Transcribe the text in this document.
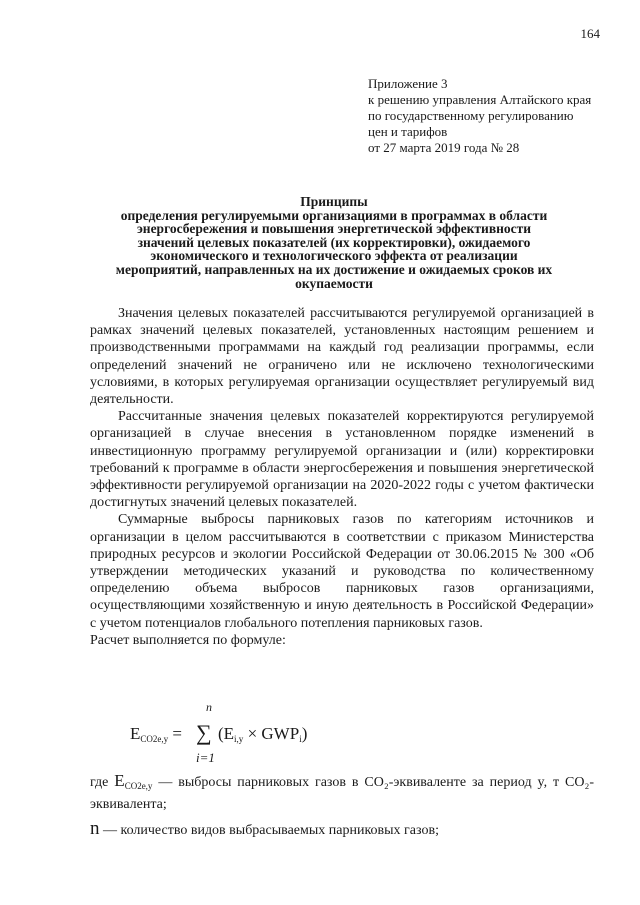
164
Приложение 3
к решению управления Алтайского края
по государственному регулированию
цен и тарифов
от 27 марта 2019 года № 28
Принципы
определения регулируемыми организациями в программах в области
энергосбережения и повышения энергетической эффективности
значений целевых показателей (их корректировки), ожидаемого
экономического и технологического эффекта от реализации
мероприятий, направленных на их достижение и ожидаемых сроков их
окупаемости

Значения целевых показателей рассчитываются регулируемой организацией в рамках значений целевых показателей, установленных настоящим решением и производственными программами на каждый год реализации программы, если определений значений не ограничено или не исключено технологическими условиями, в которых регулируемая организации осуществляет регулируемый вид деятельности.

Рассчитанные значения целевых показателей корректируются регулируемой организацией в случае внесения в установленном порядке изменений в инвестиционную программу регулируемой организации и (или) корректировки требований к программе в области энергосбережения и повышения энергетической эффективности регулируемой организации на 2020-2022 годы с учетом фактически достигнутых значений целевых показателей.

Суммарные выбросы парниковых газов по категориям источников и организации в целом рассчитываются в соответствии с приказом Министерства природных ресурсов и экологии Российской Федерации от 30.06.2015 № 300 «Об утверждении методических указаний и руководства по количественному определению объема выбросов парниковых газов организациями, осуществляющими хозяйственную и иную деятельность в Российской Федерации» с учетом потенциалов глобального потепления парниковых газов.

Расчет выполняется по формуле:

$E_{CO2e,y}$ =
n
∑
i=1
$(E_{i,y} \times GWP_i)$
где $E_{CO2e,y}$ — выбросы парниковых газов в CO₂-эквиваленте за период y, т CO₂-эквивалента;
n — количество видов выбрасываемых парниковых газов;
